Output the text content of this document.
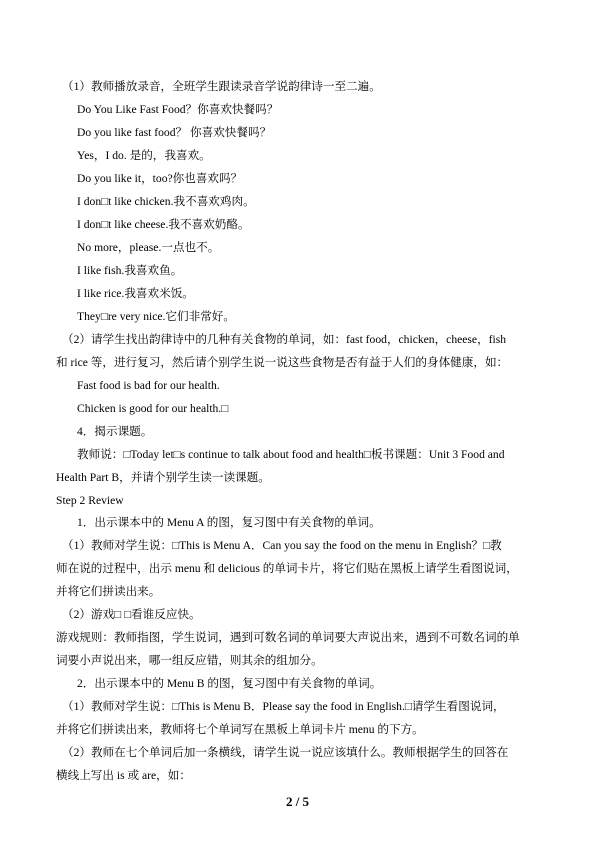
（1）教师播放录音，全班学生跟读录音学说韵律诗一至二遍。
Do You Like Fast Food？你喜欢快餐吗？
Do you like fast food？ 你喜欢快餐吗？
Yes，I do. 是的，我喜欢。
Do you like it，too?你也喜欢吗？
I don□t like chicken.我不喜欢鸡肉。
I don□t like cheese.我不喜欢奶酪。
No more，please.一点也不。
I like fish.我喜欢鱼。
I like rice.我喜欢米饭。
They□re very nice.它们非常好。
（2）请学生找出韵律诗中的几种有关食物的单词，如：fast food，chicken，cheese，fish
和 rice 等，进行复习，然后请个别学生说一说这些食物是否有益于人们的身体健康，如：
Fast food is bad for our health.
Chicken is good for our health.□
4．揭示课题。
教师说：□Today let□s continue to talk about food and health□板书课题：Unit 3 Food and
Health Part B，并请个别学生读一读课题。
Step 2 Review
1．出示课本中的 Menu A 的图，复习图中有关食物的单词。
（1）教师对学生说：□This is Menu A．Can you say the food on the menu in English？□教
师在说的过程中，出示 menu 和 delicious 的单词卡片，将它们贴在黑板上请学生看图说词，
并将它们拼读出来。
（2）游戏□ □看谁反应快。
游戏规则：教师指图，学生说词，遇到可数名词的单词要大声说出来，遇到不可数名词的单
词要小声说出来，哪一组反应错，则其余的组加分。
2．出示课本中的 Menu B 的图，复习图中有关食物的单词。
（1）教师对学生说：□This is Menu B．Please say the food in English.□请学生看图说词，
并将它们拼读出来，教师将七个单词写在黑板上单词卡片 menu 的下方。
（2）教师在七个单词后加一条横线，请学生说一说应该填什么。教师根据学生的回答在
横线上写出 is 或 are，如：
2 / 5
